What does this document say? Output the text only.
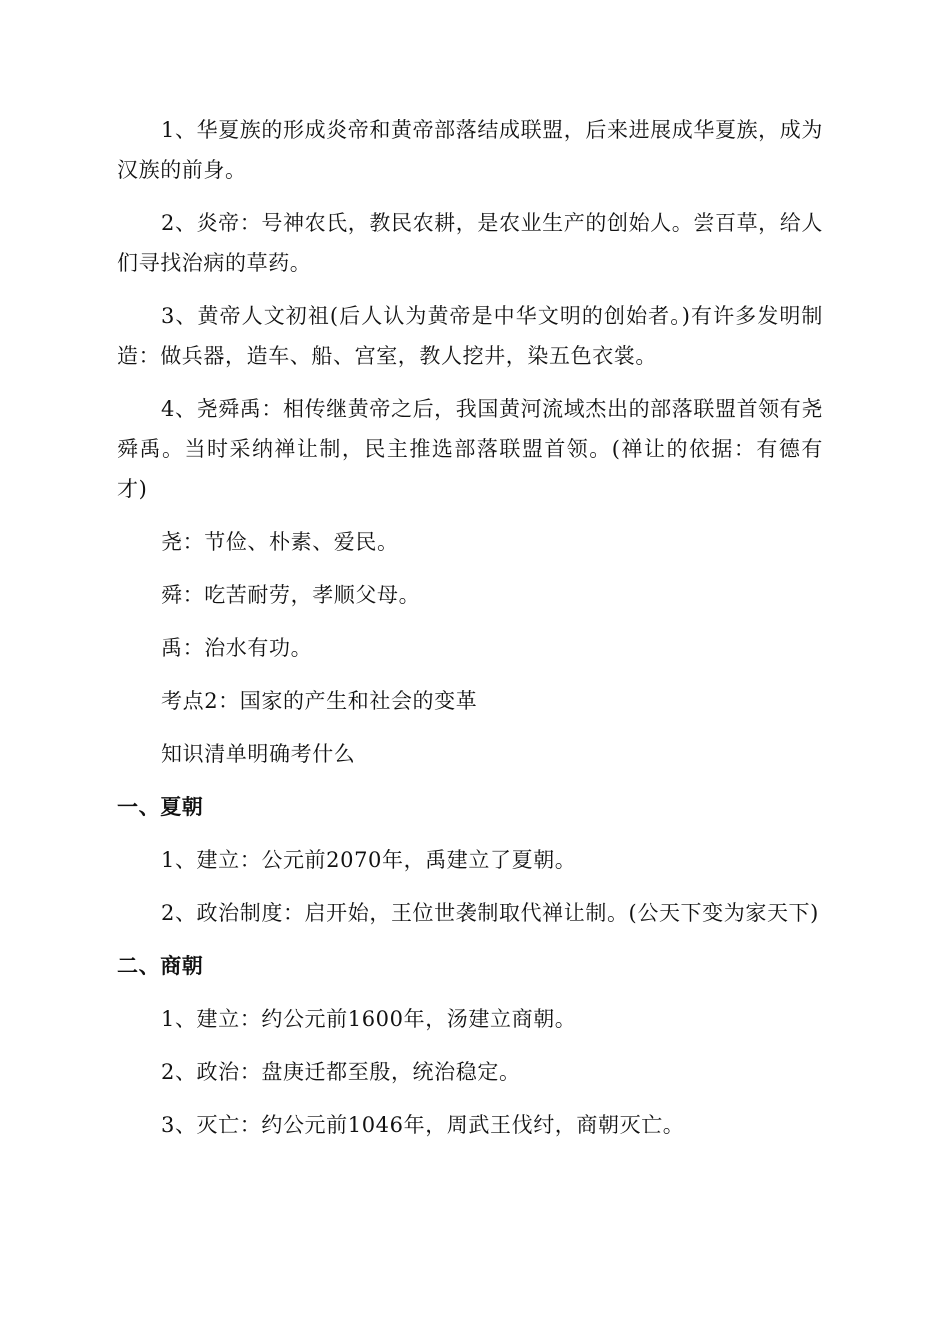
1、华夏族的形成炎帝和黄帝部落结成联盟，后来进展成华夏族，成为汉族的前身。

2、炎帝：号神农氏，教民农耕，是农业生产的创始人。尝百草，给人们寻找治病的草药。

3、黄帝人文初祖(后人认为黄帝是中华文明的创始者。)有许多发明制造：做兵器，造车、船、宫室，教人挖井，染五色衣裳。

4、尧舜禹：相传继黄帝之后，我国黄河流域杰出的部落联盟首领有尧舜禹。当时采纳禅让制，民主推选部落联盟首领。(禅让的依据：有德有才)

尧：节俭、朴素、爱民。

舜：吃苦耐劳，孝顺父母。

禹：治水有功。

考点2：国家的产生和社会的变革

知识清单明确考什么

一、夏朝

1、建立：公元前2070年，禹建立了夏朝。

2、政治制度：启开始，王位世袭制取代禅让制。(公天下变为家天下)

二、商朝

1、建立：约公元前1600年，汤建立商朝。

2、政治：盘庚迁都至殷，统治稳定。

3、灭亡：约公元前1046年，周武王伐纣，商朝灭亡。
